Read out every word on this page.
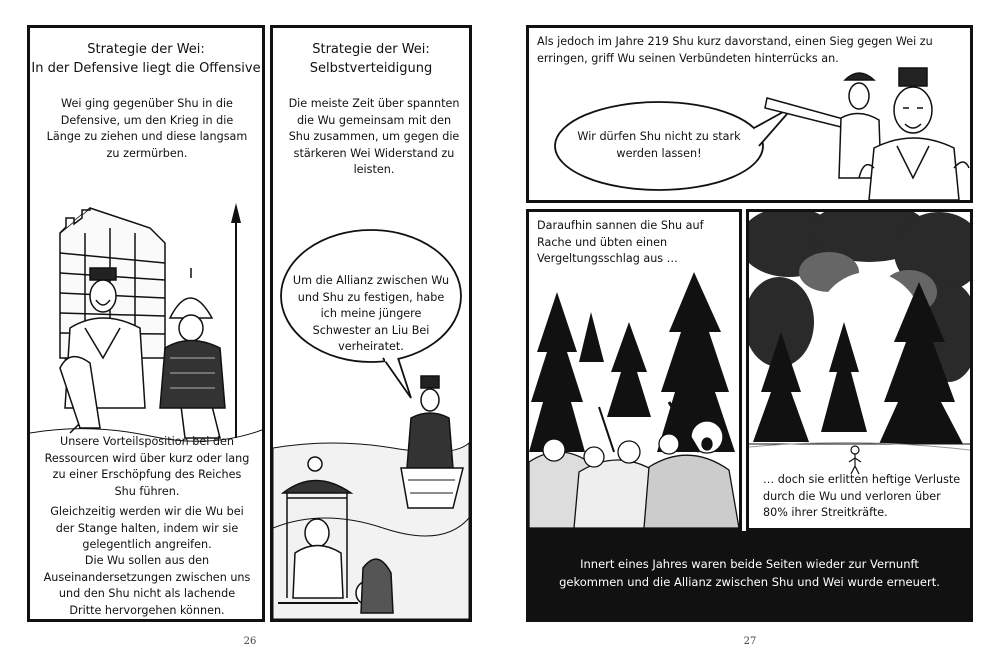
Strategie der Wei:
In der Defensive liegt die Offensive
Wei ging gegenüber Shu in die Defensive, um den Krieg in die Länge zu ziehen und diese langsam zu zermürben.
Unsere Vorteilsposition bei den Ressourcen wird über kurz oder lang zu einer Erschöpfung des Reiches Shu führen.
Gleichzeitig werden wir die Wu bei der Stange halten, indem wir sie gelegentlich angreifen.
Die Wu sollen aus den Auseinandersetzungen zwischen uns und den Shu nicht als lachende Dritte hervorgehen können.
Strategie der Wei:
Selbstverteidigung
Die meiste Zeit über spannten die Wu gemeinsam mit den Shu zusammen, um gegen die stärkeren Wei Widerstand zu leisten.
Um die Allianz zwischen Wu und Shu zu festigen, habe ich meine jüngere Schwester an Liu Bei verheiratet.
26
Als jedoch im Jahre 219 Shu kurz davorstand, einen Sieg gegen Wei zu erringen, griff Wu seinen Verbündeten hinterrücks an.
Wir dürfen Shu nicht zu stark werden lassen!
Daraufhin sannen die Shu auf Rache und übten einen Vergeltungsschlag aus …
… doch sie erlitten heftige Verluste durch die Wu und verloren über 80% ihrer Streitkräfte.
Innert eines Jahres waren beide Seiten wieder zur Vernunft gekommen und die Allianz zwischen Shu und Wei wurde erneuert.
27
